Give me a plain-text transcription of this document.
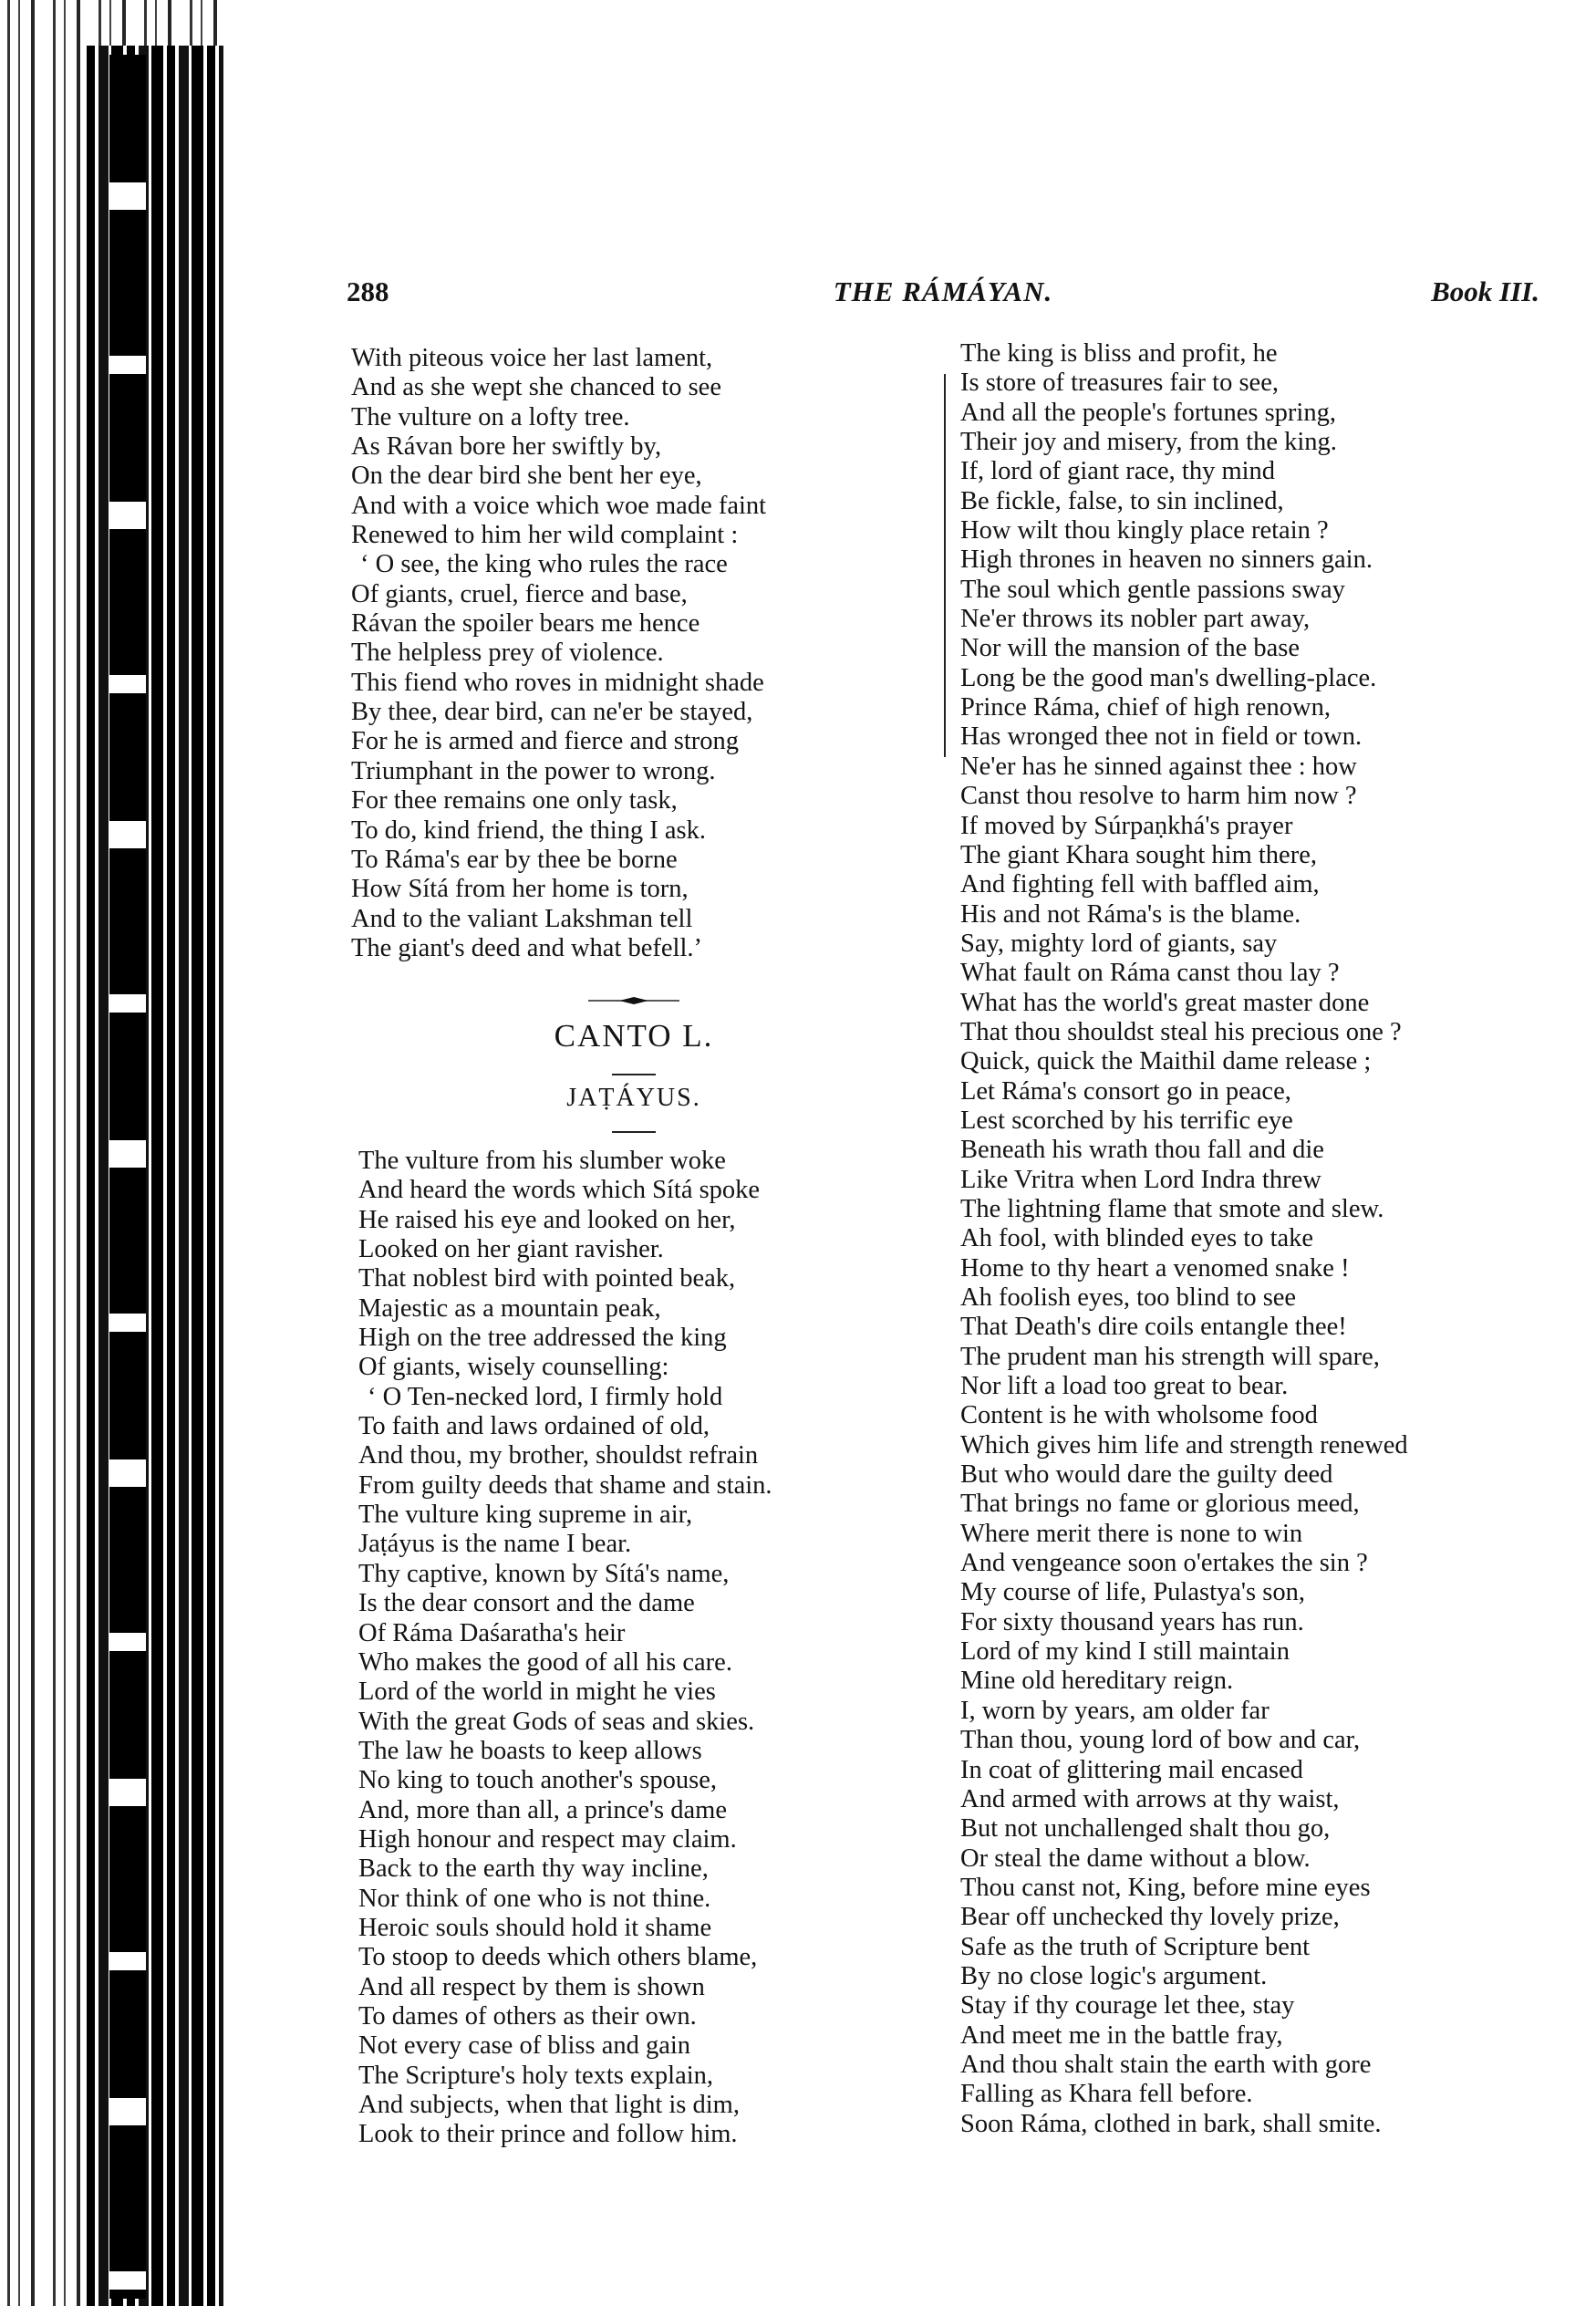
288	THE RÁMÁYAN.	Book III.
With piteous voice her last lament,
And as she wept she chanced to see
The vulture on a lofty tree.
As Rávan bore her swiftly by,
On the dear bird she bent her eye,
And with a voice which woe made faint
Renewed to him her wild complaint :
‘ O see, the king who rules the race
Of giants, cruel, fierce and base,
Rávan the spoiler bears me hence
The helpless prey of violence.
This fiend who roves in midnight shade
By thee, dear bird, can ne'er be stayed,
For he is armed and fierce and strong
Triumphant in the power to wrong.
For thee remains one only task,
To do, kind friend, the thing I ask.
To Ráma's ear by thee be borne
How Sítá from her home is torn,
And to the valiant Lakshman tell
The giant's deed and what befell.’
CANTO L.
JAṬÁYUS.
The vulture from his slumber woke
And heard the words which Sítá spoke
He raised his eye and looked on her,
Looked on her giant ravisher.
That noblest bird with pointed beak,
Majestic as a mountain peak,
High on the tree addressed the king
Of giants, wisely counselling:
‘ O Ten-necked lord, I firmly hold
To faith and laws ordained of old,
And thou, my brother, shouldst refrain
From guilty deeds that shame and stain.
The vulture king supreme in air,
Jaṭáyus is the name I bear.
Thy captive, known by Sítá's name,
Is the dear consort and the dame
Of Ráma Daśaratha's heir
Who makes the good of all his care.
Lord of the world in might he vies
With the great Gods of seas and skies.
The law he boasts to keep allows
No king to touch another's spouse,
And, more than all, a prince's dame
High honour and respect may claim.
Back to the earth thy way incline,
Nor think of one who is not thine.
Heroic souls should hold it shame
To stoop to deeds which others blame,
And all respect by them is shown
To dames of others as their own.
Not every case of bliss and gain
The Scripture's holy texts explain,
And subjects, when that light is dim,
Look to their prince and follow him.
The king is bliss and profit, he
Is store of treasures fair to see,
And all the people's fortunes spring,
Their joy and misery, from the king.
If, lord of giant race, thy mind
Be fickle, false, to sin inclined,
How wilt thou kingly place retain ?
High thrones in heaven no sinners gain.
The soul which gentle passions sway
Ne'er throws its nobler part away,
Nor will the mansion of the base
Long be the good man's dwelling-place.
Prince Ráma, chief of high renown,
Has wronged thee not in field or town.
Ne'er has he sinned against thee : how
Canst thou resolve to harm him now ?
If moved by Súrpaṇkhá's prayer
The giant Khara sought him there,
And fighting fell with baffled aim,
His and not Ráma's is the blame.
Say, mighty lord of giants, say
What fault on Ráma canst thou lay ?
What has the world's great master done
That thou shouldst steal his precious one ?
Quick, quick the Maithil dame release ;
Let Ráma's consort go in peace,
Lest scorched by his terrific eye
Beneath his wrath thou fall and die
Like Vritra when Lord Indra threw
The lightning flame that smote and slew.
Ah fool, with blinded eyes to take
Home to thy heart a venomed snake !
Ah foolish eyes, too blind to see
That Death's dire coils entangle thee!
The prudent man his strength will spare,
Nor lift a load too great to bear.
Content is he with wholsome food
Which gives him life and strength renewed
But who would dare the guilty deed
That brings no fame or glorious meed,
Where merit there is none to win
And vengeance soon o'ertakes the sin ?
My course of life, Pulastya's son,
For sixty thousand years has run.
Lord of my kind I still maintain
Mine old hereditary reign.
I, worn by years, am older far
Than thou, young lord of bow and car,
In coat of glittering mail encased
And armed with arrows at thy waist,
But not unchallenged shalt thou go,
Or steal the dame without a blow.
Thou canst not, King, before mine eyes
Bear off unchecked thy lovely prize,
Safe as the truth of Scripture bent
By no close logic's argument.
Stay if thy courage let thee, stay
And meet me in the battle fray,
And thou shalt stain the earth with gore
Falling as Khara fell before.
Soon Ráma, clothed in bark, shall smite.
